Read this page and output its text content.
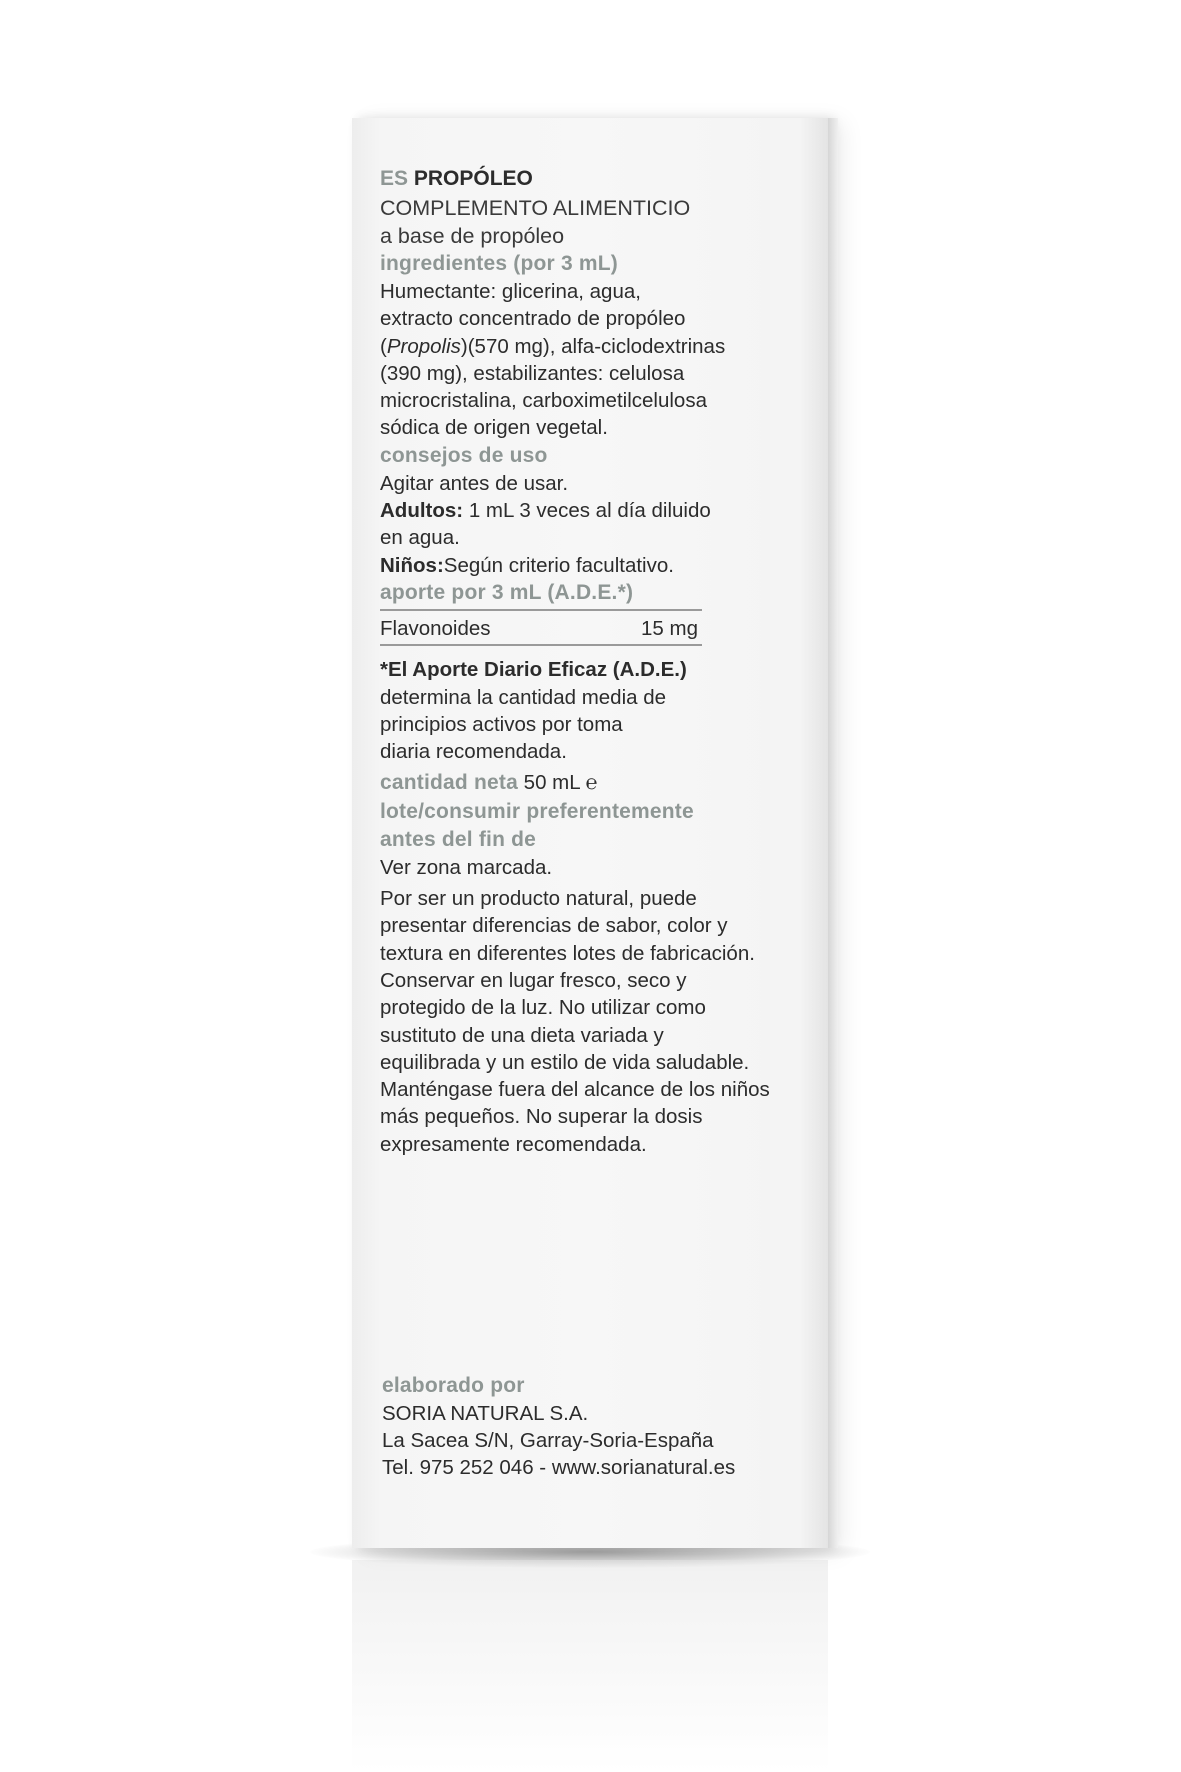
ES PROPÓLEO

COMPLEMENTO ALIMENTICIO

a base de propóleo

ingredientes (por 3 mL)

Humectante: glicerina, agua,

extracto concentrado de propóleo

(Propolis)(570 mg), alfa-ciclodextrinas

(390 mg), estabilizantes: celulosa

microcristalina, carboximetilcelulosa

sódica de origen vegetal.

consejos de uso

Agitar antes de usar.

Adultos: 1 mL 3 veces al día diluido

en agua.

Niños:Según criterio facultativo.

aporte por 3 mL (A.D.E.*)

Flavonoides	15 mg

*El Aporte Diario Eficaz (A.D.E.)

determina la cantidad media de

principios activos por toma

diaria recomendada.

cantidad neta 50 mL ℮

lote/consumir preferentemente

antes del fin de

Ver zona marcada.

Por ser un producto natural, puede

presentar diferencias de sabor, color y

textura en diferentes lotes de fabricación.

Conservar en lugar fresco, seco y

protegido de la luz. No utilizar como

sustituto de una dieta variada y

equilibrada y un estilo de vida saludable.

Manténgase fuera del alcance de los niños

más pequeños. No superar la dosis

expresamente recomendada.

elaborado por

SORIA NATURAL S.A.

La Sacea S/N, Garray-Soria-España

Tel. 975 252 046 - www.sorianatural.es
